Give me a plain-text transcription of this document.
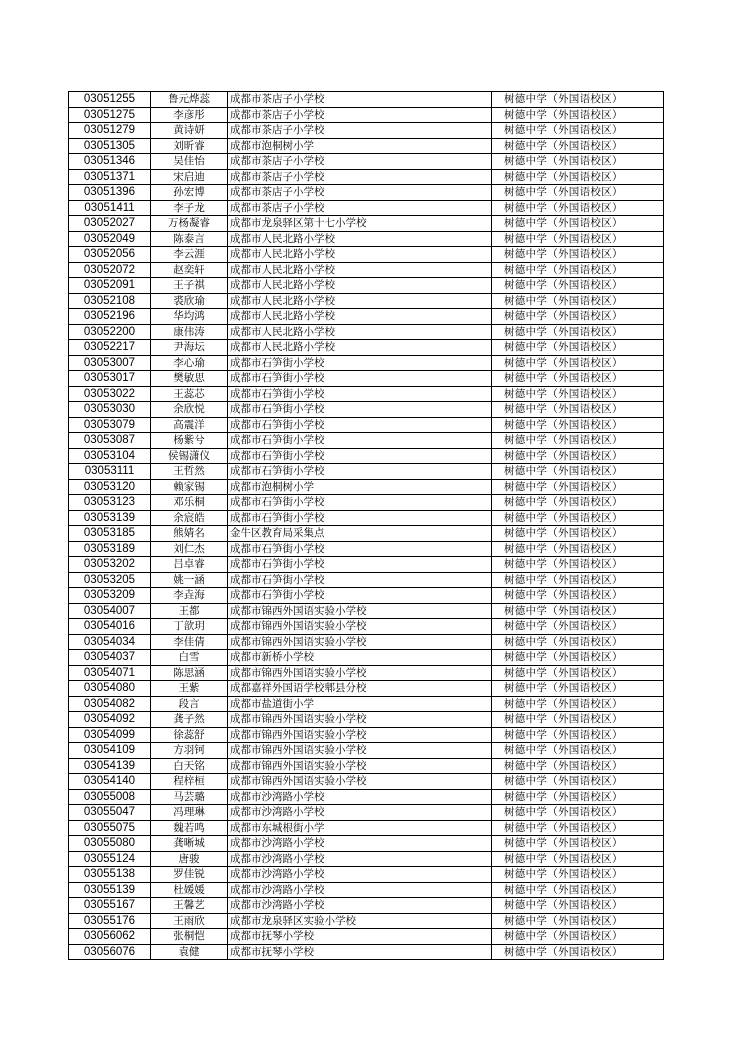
03051255	鲁元烨蕊	成都市茶店子小学校	树德中学（外国语校区）
03051275	李彦彤	成都市茶店子小学校	树德中学（外国语校区）
03051279	黄诗妍	成都市茶店子小学校	树德中学（外国语校区）
03051305	刘昕睿	成都市泡桐树小学	树德中学（外国语校区）
03051346	吴佳怡	成都市茶店子小学校	树德中学（外国语校区）
03051371	宋启迪	成都市茶店子小学校	树德中学（外国语校区）
03051396	孙宏博	成都市茶店子小学校	树德中学（外国语校区）
03051411	李子龙	成都市茶店子小学校	树德中学（外国语校区）
03052027	万杨凝睿	成都市龙泉驿区第十七小学校	树德中学（外国语校区）
03052049	陈泰言	成都市人民北路小学校	树德中学（外国语校区）
03052056	李云涯	成都市人民北路小学校	树德中学（外国语校区）
03052072	赵奕轩	成都市人民北路小学校	树德中学（外国语校区）
03052091	王子祺	成都市人民北路小学校	树德中学（外国语校区）
03052108	裘欣瑜	成都市人民北路小学校	树德中学（外国语校区）
03052196	华均鸿	成都市人民北路小学校	树德中学（外国语校区）
03052200	康伟涛	成都市人民北路小学校	树德中学（外国语校区）
03052217	尹海坛	成都市人民北路小学校	树德中学（外国语校区）
03053007	李心瑜	成都市石笋街小学校	树德中学（外国语校区）
03053017	樊敏思	成都市石笋街小学校	树德中学（外国语校区）
03053022	王蕊芯	成都市石笋街小学校	树德中学（外国语校区）
03053030	余欣悦	成都市石笋街小学校	树德中学（外国语校区）
03053079	高震洋	成都市石笋街小学校	树德中学（外国语校区）
03053087	杨紫兮	成都市石笋街小学校	树德中学（外国语校区）
03053104	侯锡潇仪	成都市石笋街小学校	树德中学（外国语校区）
03053111	王哲然	成都市石笋街小学校	树德中学（外国语校区）
03053120	赖家锡	成都市泡桐树小学	树德中学（外国语校区）
03053123	邓乐桐	成都市石笋街小学校	树德中学（外国语校区）
03053139	余宸皓	成都市石笋街小学校	树德中学（外国语校区）
03053185	熊婧名	金牛区教育局采集点	树德中学（外国语校区）
03053189	刘仁杰	成都市石笋街小学校	树德中学（外国语校区）
03053202	吕卓睿	成都市石笋街小学校	树德中学（外国语校区）
03053205	姚一涵	成都市石笋街小学校	树德中学（外国语校区）
03053209	李垚海	成都市石笋街小学校	树德中学（外国语校区）
03054007	王都	成都市锦西外国语实验小学校	树德中学（外国语校区）
03054016	丁歆玥	成都市锦西外国语实验小学校	树德中学（外国语校区）
03054034	李佳倩	成都市锦西外国语实验小学校	树德中学（外国语校区）
03054037	白雪	成都市新桥小学校	树德中学（外国语校区）
03054071	陈思涵	成都市锦西外国语实验小学校	树德中学（外国语校区）
03054080	王紫	成都嘉祥外国语学校郫县分校	树德中学（外国语校区）
03054082	段言	成都市盐道街小学	树德中学（外国语校区）
03054092	龚子然	成都市锦西外国语实验小学校	树德中学（外国语校区）
03054099	徐蕊舒	成都市锦西外国语实验小学校	树德中学（外国语校区）
03054109	方羽钶	成都市锦西外国语实验小学校	树德中学（外国语校区）
03054139	白天铭	成都市锦西外国语实验小学校	树德中学（外国语校区）
03054140	程梓桓	成都市锦西外国语实验小学校	树德中学（外国语校区）
03055008	马芸璐	成都市沙湾路小学校	树德中学（外国语校区）
03055047	冯理琳	成都市沙湾路小学校	树德中学（外国语校区）
03055075	魏若鸣	成都市东城根街小学	树德中学（外国语校区）
03055080	龚晰城	成都市沙湾路小学校	树德中学（外国语校区）
03055124	唐骏	成都市沙湾路小学校	树德中学（外国语校区）
03055138	罗佳锐	成都市沙湾路小学校	树德中学（外国语校区）
03055139	杜媛媛	成都市沙湾路小学校	树德中学（外国语校区）
03055167	王馨艺	成都市沙湾路小学校	树德中学（外国语校区）
03055176	王雨欣	成都市龙泉驿区实验小学校	树德中学（外国语校区）
03056062	张桐恺	成都市抚琴小学校	树德中学（外国语校区）
03056076	袁健	成都市抚琴小学校	树德中学（外国语校区）
